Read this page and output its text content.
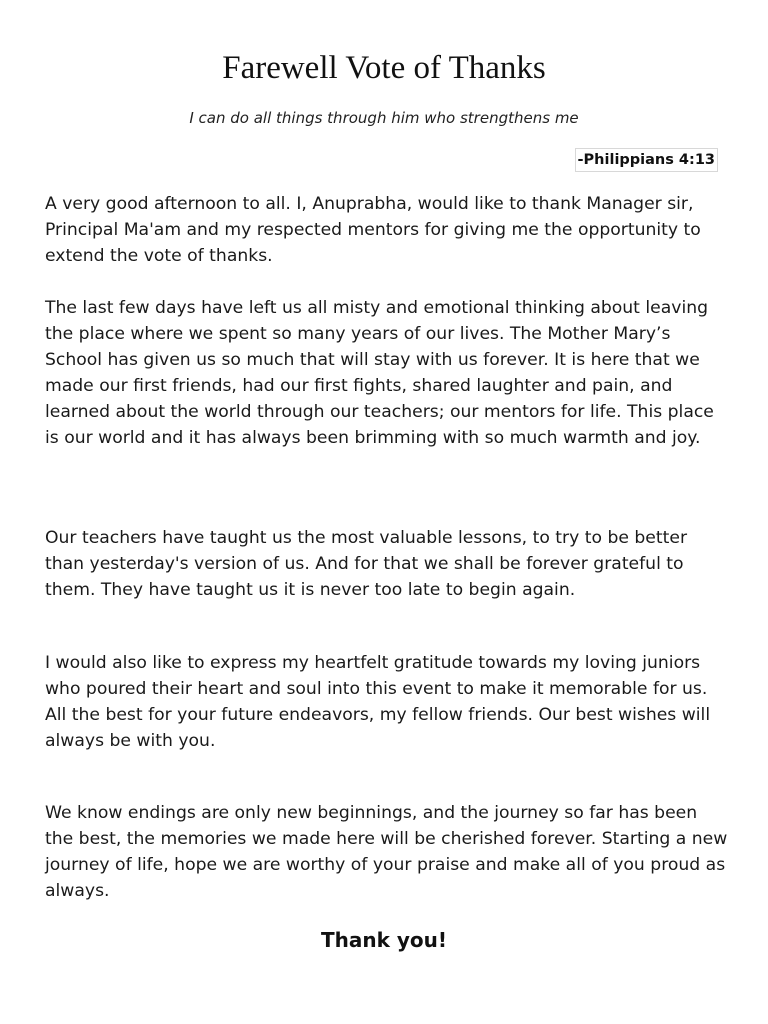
Farewell Vote of Thanks
I can do all things through him who strengthens me
-Philippians 4:13

A very good afternoon to all. I, Anuprabha, would like to thank Manager sir, Principal Ma'am and my respected mentors for giving me the opportunity to extend the vote of thanks.

The last few days have left us all misty and emotional thinking about leaving the place where we spent so many years of our lives. The Mother Mary’s School has given us so much that will stay with us forever. It is here that we made our first friends, had our first fights, shared laughter and pain, and learned about the world through our teachers; our mentors for life. This place is our world and it has always been brimming with so much warmth and joy.

Our teachers have taught us the most valuable lessons, to try to be better than yesterday's version of us. And for that we shall be forever grateful to them. They have taught us it is never too late to begin again.

I would also like to express my heartfelt gratitude towards my loving juniors who poured their heart and soul into this event to make it memorable for us. All the best for your future endeavors, my fellow friends. Our best wishes will always be with you.

We know endings are only new beginnings, and the journey so far has been the best, the memories we made here will be cherished forever. Starting a new journey of life, hope we are worthy of your praise and make all of you proud as always.

Thank you!
